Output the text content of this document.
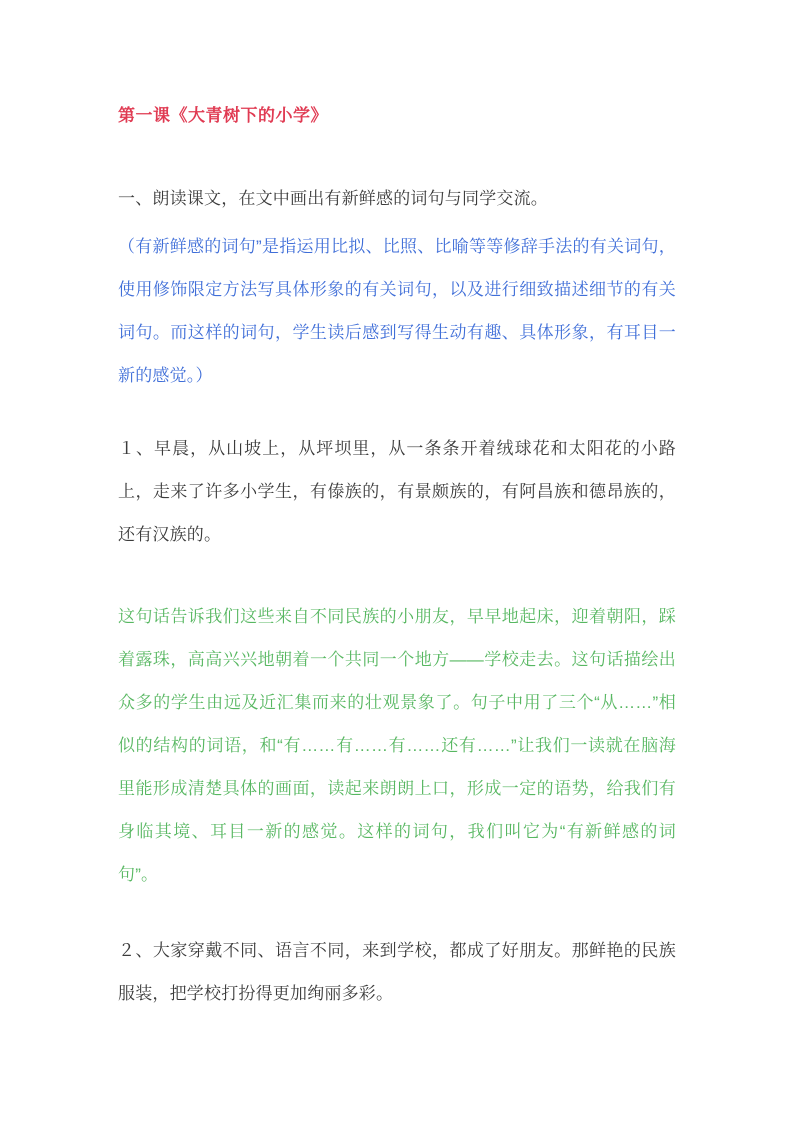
第一课《大青树下的小学》

一、朗读课文，在文中画出有新鲜感的词句与同学交流。

（有新鲜感的词句”是指运用比拟、比照、比喻等等修辞手法的有关词句，使用修饰限定方法写具体形象的有关词句，以及进行细致描述细节的有关词句。而这样的词句，学生读后感到写得生动有趣、具体形象，有耳目一新的感觉。）

１、早晨，从山坡上，从坪坝里，从一条条开着绒球花和太阳花的小路上，走来了许多小学生，有傣族的，有景颇族的，有阿昌族和德昂族的，还有汉族的。

这句话告诉我们这些来自不同民族的小朋友，早早地起床，迎着朝阳，踩着露珠，高高兴兴地朝着一个共同一个地方——学校走去。这句话描绘出众多的学生由远及近汇集而来的壮观景象了。句子中用了三个“从……”相似的结构的词语，和“有……有……有……还有……”让我们一读就在脑海里能形成清楚具体的画面，读起来朗朗上口，形成一定的语势，给我们有身临其境、耳目一新的感觉。这样的词句，我们叫它为“有新鲜感的词句”。

２、大家穿戴不同、语言不同，来到学校，都成了好朋友。那鲜艳的民族服装，把学校打扮得更加绚丽多彩。
